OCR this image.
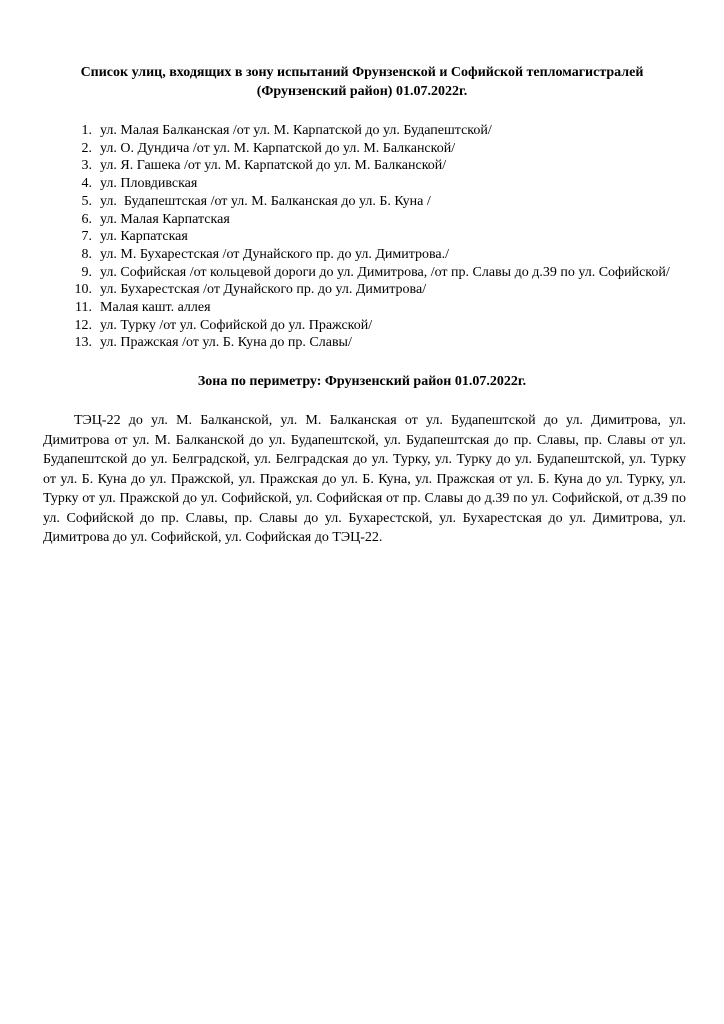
Список улиц, входящих в зону испытаний Фрунзенской и Софийской тепломагистралей
(Фрунзенский район) 01.07.2022г.
1. ул. Малая Балканская /от ул. М. Карпатской до ул. Будапештской/
2. ул. О. Дундича /от ул. М. Карпатской до ул. М. Балканской/
3. ул. Я. Гашека /от ул. М. Карпатской до ул. М. Балканской/
4. ул. Пловдивская
5. ул.  Будапештская /от ул. М. Балканская до ул. Б. Куна /
6. ул. Малая Карпатская
7. ул. Карпатская
8. ул. М. Бухарестская /от Дунайского пр. до ул. Димитрова./
9. ул. Софийская /от кольцевой дороги до ул. Димитрова, /от пр. Славы до д.39 по ул. Софийской/
10. ул. Бухарестская /от Дунайского пр. до ул. Димитрова/
11. Малая кашт. аллея
12. ул. Турку /от ул. Софийской до ул. Пражской/
13. ул. Пражская /от ул. Б. Куна до пр. Славы/
Зона по периметру: Фрунзенский район 01.07.2022г.

ТЭЦ-22 до ул. М. Балканской, ул. М. Балканская от ул. Будапештской до ул. Димитрова, ул. Димитрова от ул. М. Балканской до ул. Будапештской, ул. Будапештская до пр. Славы, пр. Славы от ул. Будапештской до ул. Белградской, ул. Белградская до ул. Турку, ул. Турку до ул. Будапештской, ул. Турку от ул. Б. Куна до ул. Пражской, ул. Пражская до ул. Б. Куна, ул. Пражская от ул. Б. Куна до ул. Турку, ул. Турку от ул. Пражской до ул. Софийской, ул. Софийская от пр. Славы до д.39 по ул. Софийской, от д.39 по ул. Софийской до пр. Славы, пр. Славы до ул. Бухарестской, ул. Бухарестская до ул. Димитрова, ул. Димитрова до ул. Софийской, ул. Софийская до ТЭЦ-22.
